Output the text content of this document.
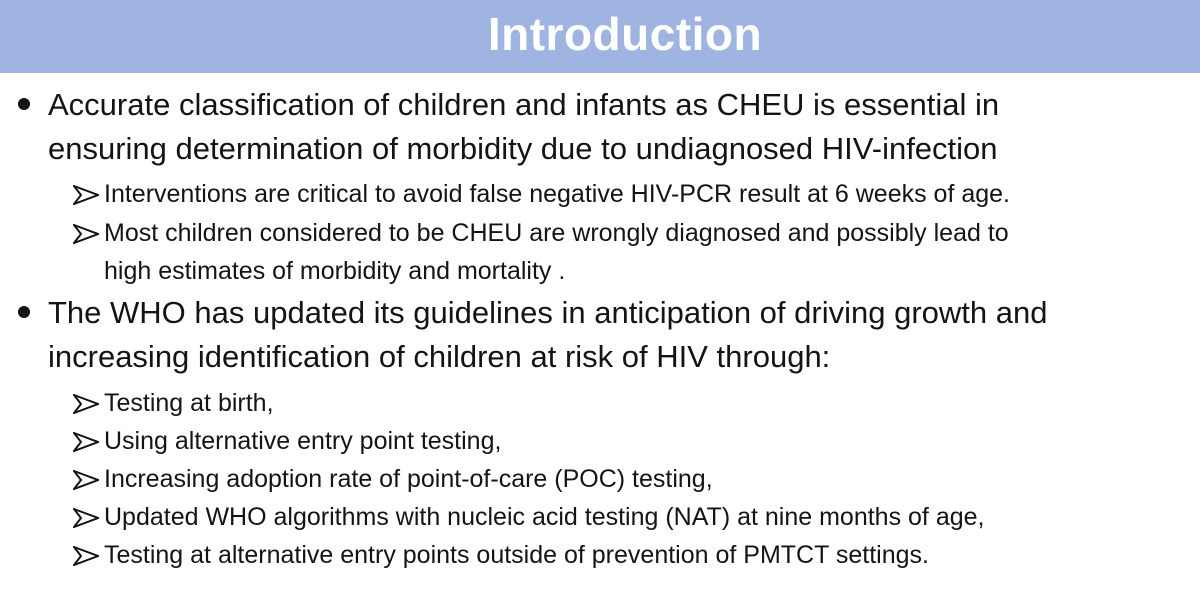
Introduction
Accurate classification of children and infants as CHEU is essential in
ensuring determination of morbidity due to undiagnosed HIV-infection
Interventions are critical to avoid false negative HIV-PCR result at 6 weeks of age.
Most children considered to be CHEU are wrongly diagnosed and possibly lead to
high estimates of morbidity and mortality .
The WHO has updated its guidelines in anticipation of driving growth and
increasing identification of children at risk of HIV through:
Testing at birth,
Using alternative entry point testing,
Increasing adoption rate of point-of-care (POC) testing,
Updated WHO algorithms with nucleic acid testing (NAT) at nine months of age,
Testing at alternative entry points outside of prevention of PMTCT settings.
